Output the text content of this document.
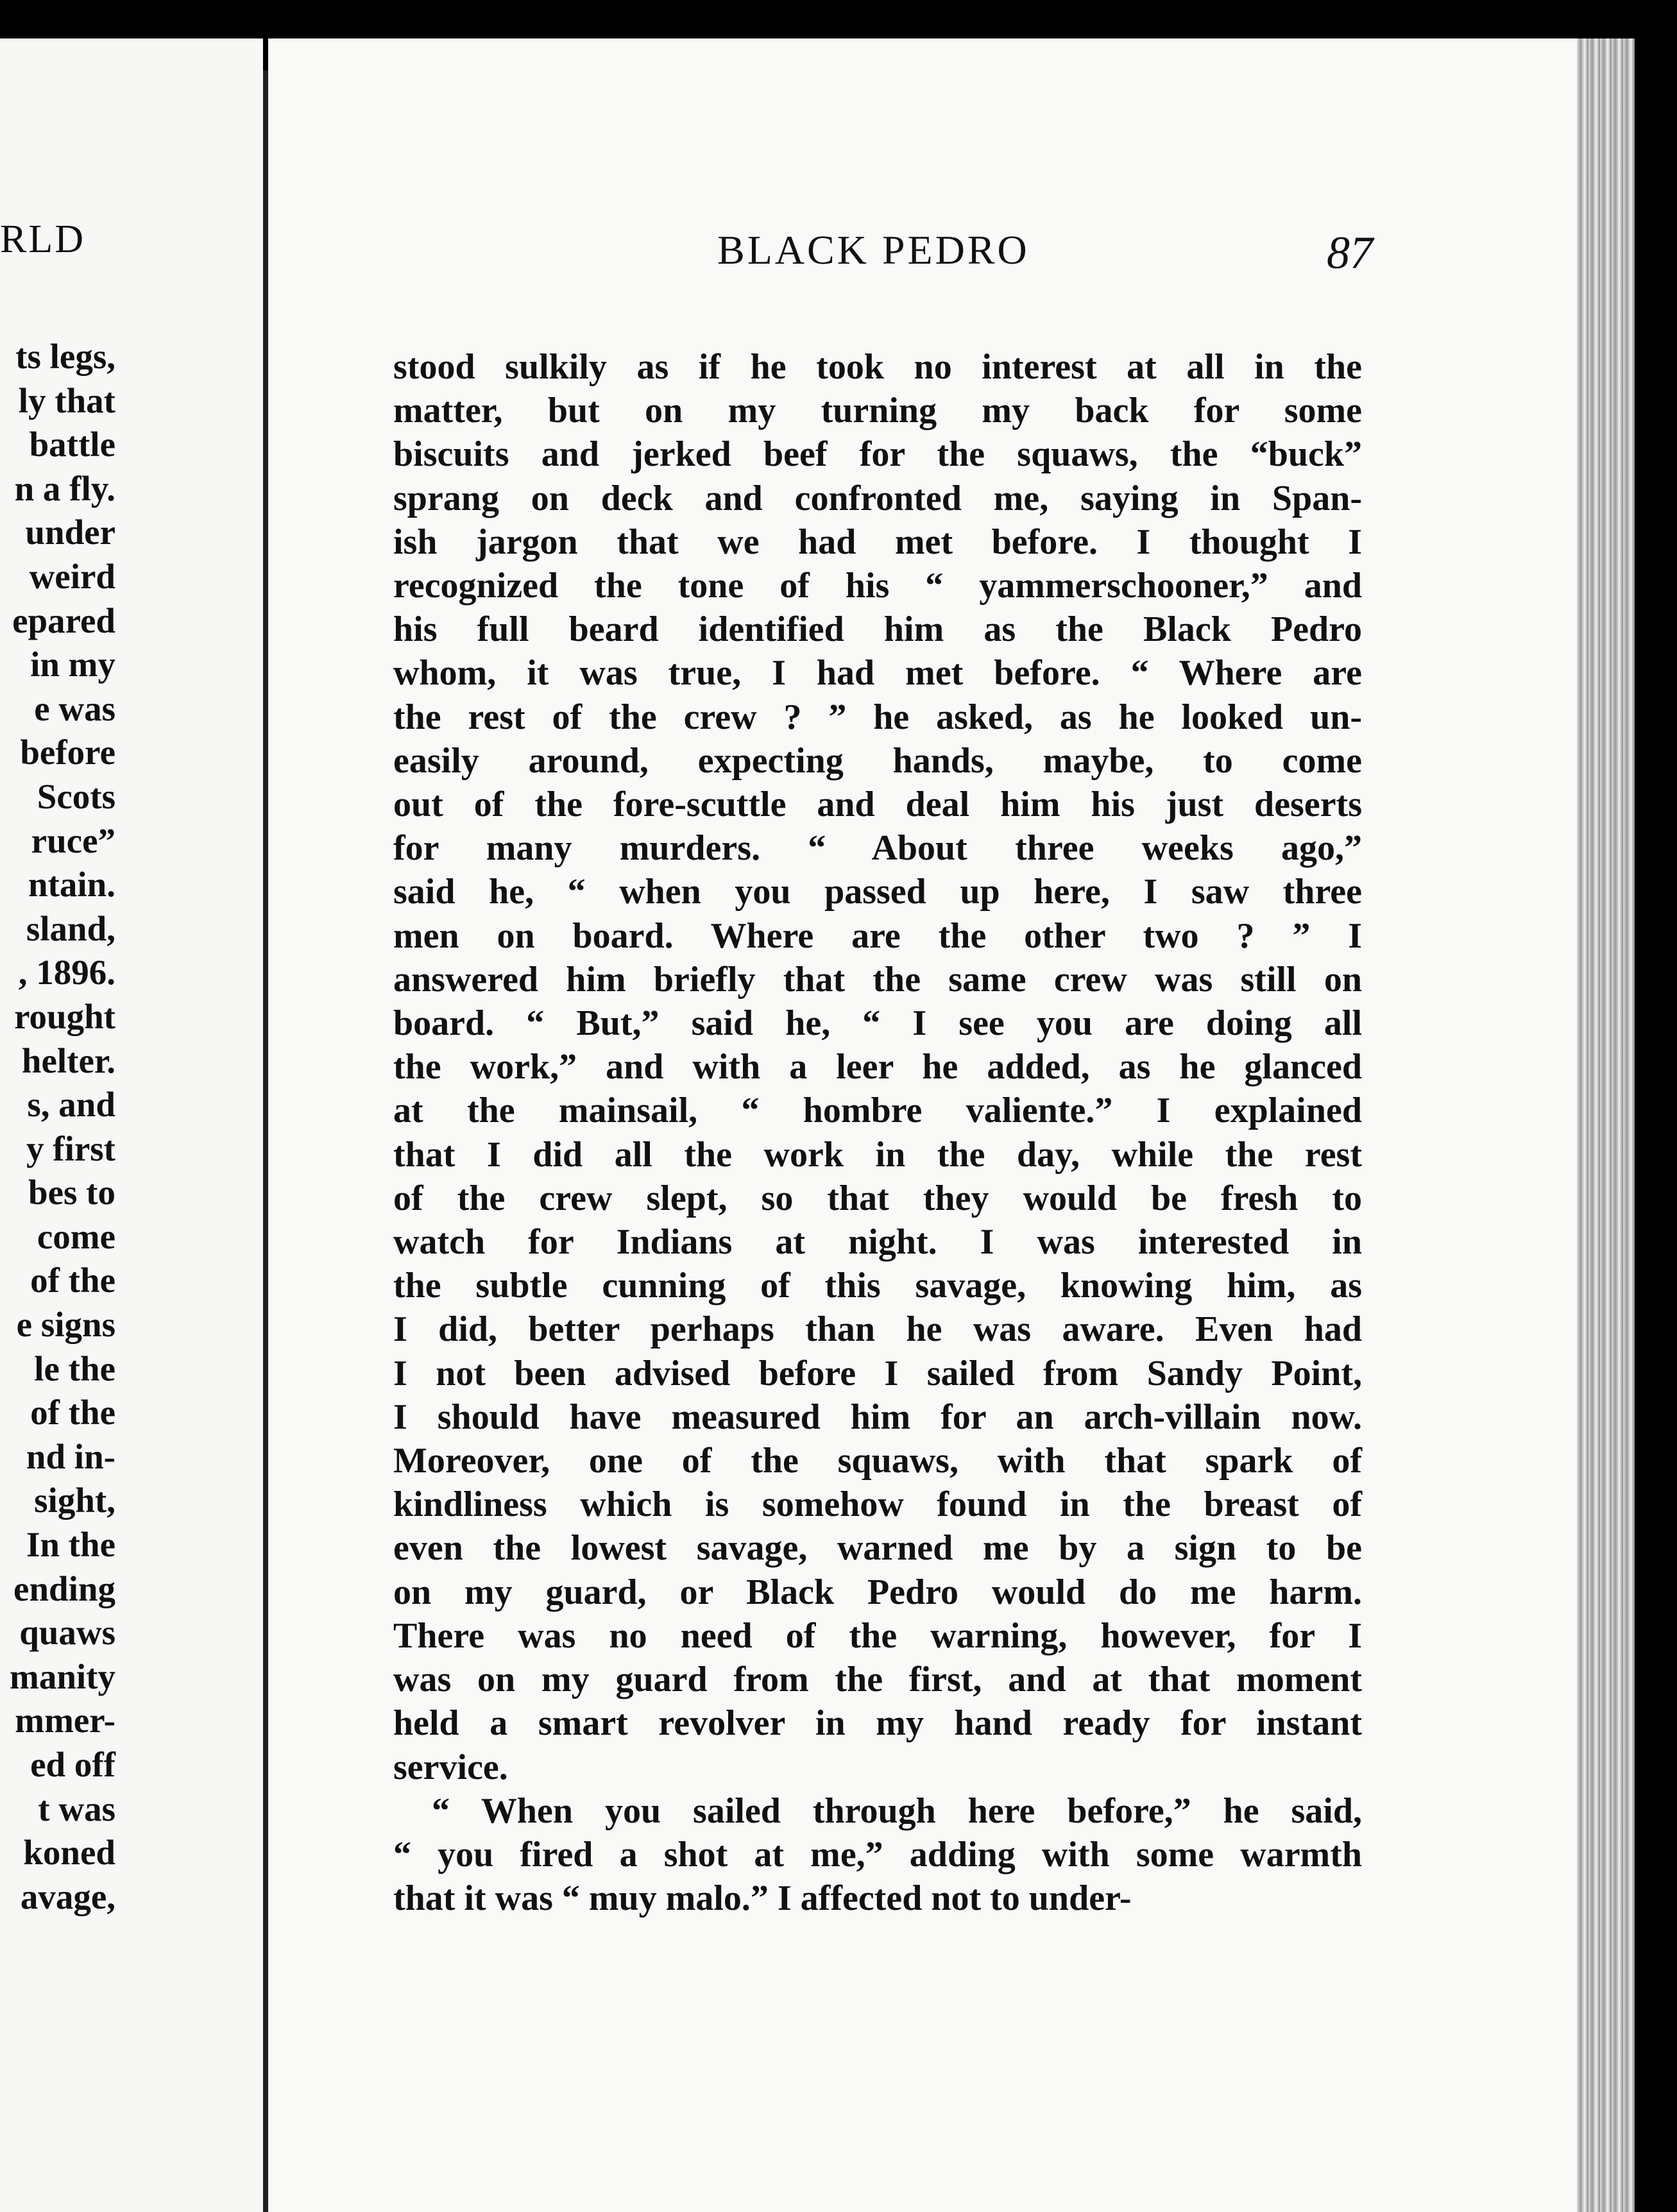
RLD
ts legs,
ly that
battle
n a fly.
under
weird
epared
in my
e was
before
Scots
ruce”
ntain.
sland,
, 1896.
rought
helter.
s, and
y first
bes to
come
of the
e signs
le the
of the
nd in-
sight,
In the
ending
quaws
manity
mmer-
ed off
t was
koned
avage,
BLACK PEDRO	87
stood sulkily as if he took no interest at all in the
matter, but on my turning my back for some
biscuits and jerked beef for the squaws, the “buck”
sprang on deck and confronted me, saying in Span-
ish jargon that we had met before. I thought I
recognized the tone of his “ yammerschooner,” and
his full beard identified him as the Black Pedro
whom, it was true, I had met before. “ Where are
the rest of the crew ? ” he asked, as he looked un-
easily around, expecting hands, maybe, to come
out of the fore-scuttle and deal him his just deserts
for many murders. “ About three weeks ago,”
said he, “ when you passed up here, I saw three
men on board. Where are the other two ? ” I
answered him briefly that the same crew was still on
board. “ But,” said he, “ I see you are doing all
the work,” and with a leer he added, as he glanced
at the mainsail, “ hombre valiente.” I explained
that I did all the work in the day, while the rest
of the crew slept, so that they would be fresh to
watch for Indians at night. I was interested in
the subtle cunning of this savage, knowing him, as
I did, better perhaps than he was aware. Even had
I not been advised before I sailed from Sandy Point,
I should have measured him for an arch-villain now.
Moreover, one of the squaws, with that spark of
kindliness which is somehow found in the breast of
even the lowest savage, warned me by a sign to be
on my guard, or Black Pedro would do me harm.
There was no need of the warning, however, for I
was on my guard from the first, and at that moment
held a smart revolver in my hand ready for instant
service.
“ When you sailed through here before,” he said,
“ you fired a shot at me,” adding with some warmth
that it was “ muy malo.” I affected not to under-
